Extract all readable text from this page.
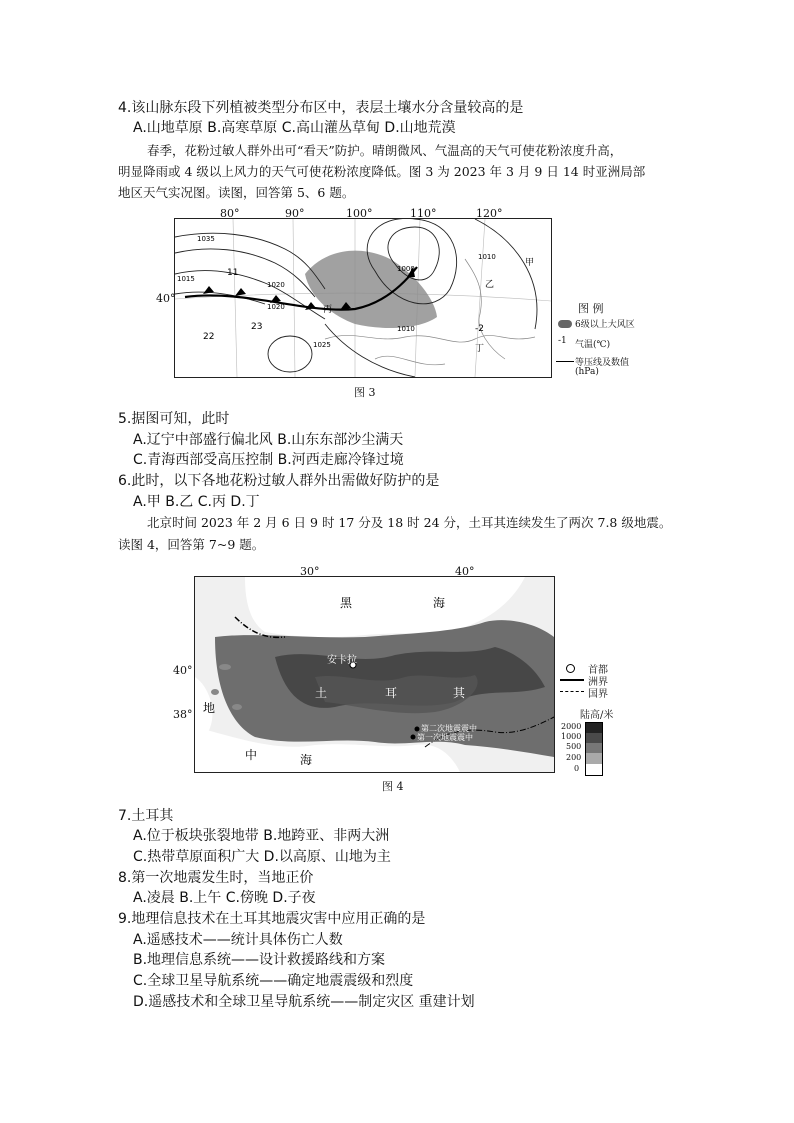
4.该山脉东段下列植被类型分布区中，表层土壤水分含量较高的是
A.山地草原 B.高寒草原 C.高山灌丛草甸 D.山地荒漠
春季，花粉过敏人群外出可“看天”防护。晴朗微风、气温高的天气可使花粉浓度升高，
明显降雨或 4 级以上风力的天气可使花粉浓度降低。图 3 为 2023 年 3 月 9 日 14 时亚洲局部
地区天气实况图。读图，回答第 5、6 题。
1035
1015
1020
1025
1010
1000
1020
1010
22
23
11
-2
甲
乙
丙
丁
80°	90°	100°	110°	120°
40°
图 例
6级以上大风区
-1 气温(℃)
等压线及数值
(hPa)
图 3
5.据图可知，此时
A.辽宁中部盛行偏北风 B.山东东部沙尘满天
C.青海西部受高压控制 B.河西走廊冷锋过境
6.此时，以下各地花粉过敏人群外出需做好防护的是
A.甲 B.乙 C.丙 D.丁
北京时间 2023 年 2 月 6 日 9 时 17 分及 18 时 24 分，土耳其连续发生了两次 7.8 级地震。
读图 4，回答第 7~9 题。
黑	海
地
中	海
安卡拉
土	耳	其
第二次地震震中
第一次地震震中
30°	40°
40°
38°
首都
洲界
国界
陆高/米
2000
1000
500
200
0
图 4
7.土耳其
A.位于板块张裂地带 B.地跨亚、非两大洲
C.热带草原面积广大 D.以高原、山地为主
8.第一次地震发生时，当地正价
A.凌晨 B.上午 C.傍晚 D.子夜
9.地理信息技术在土耳其地震灾害中应用正确的是
A.遥感技术——统计具体伤亡人数
B.地理信息系统——设计救援路线和方案
C.全球卫星导航系统——确定地震震级和烈度
D.遥感技术和全球卫星导航系统——制定灾区 重建计划
